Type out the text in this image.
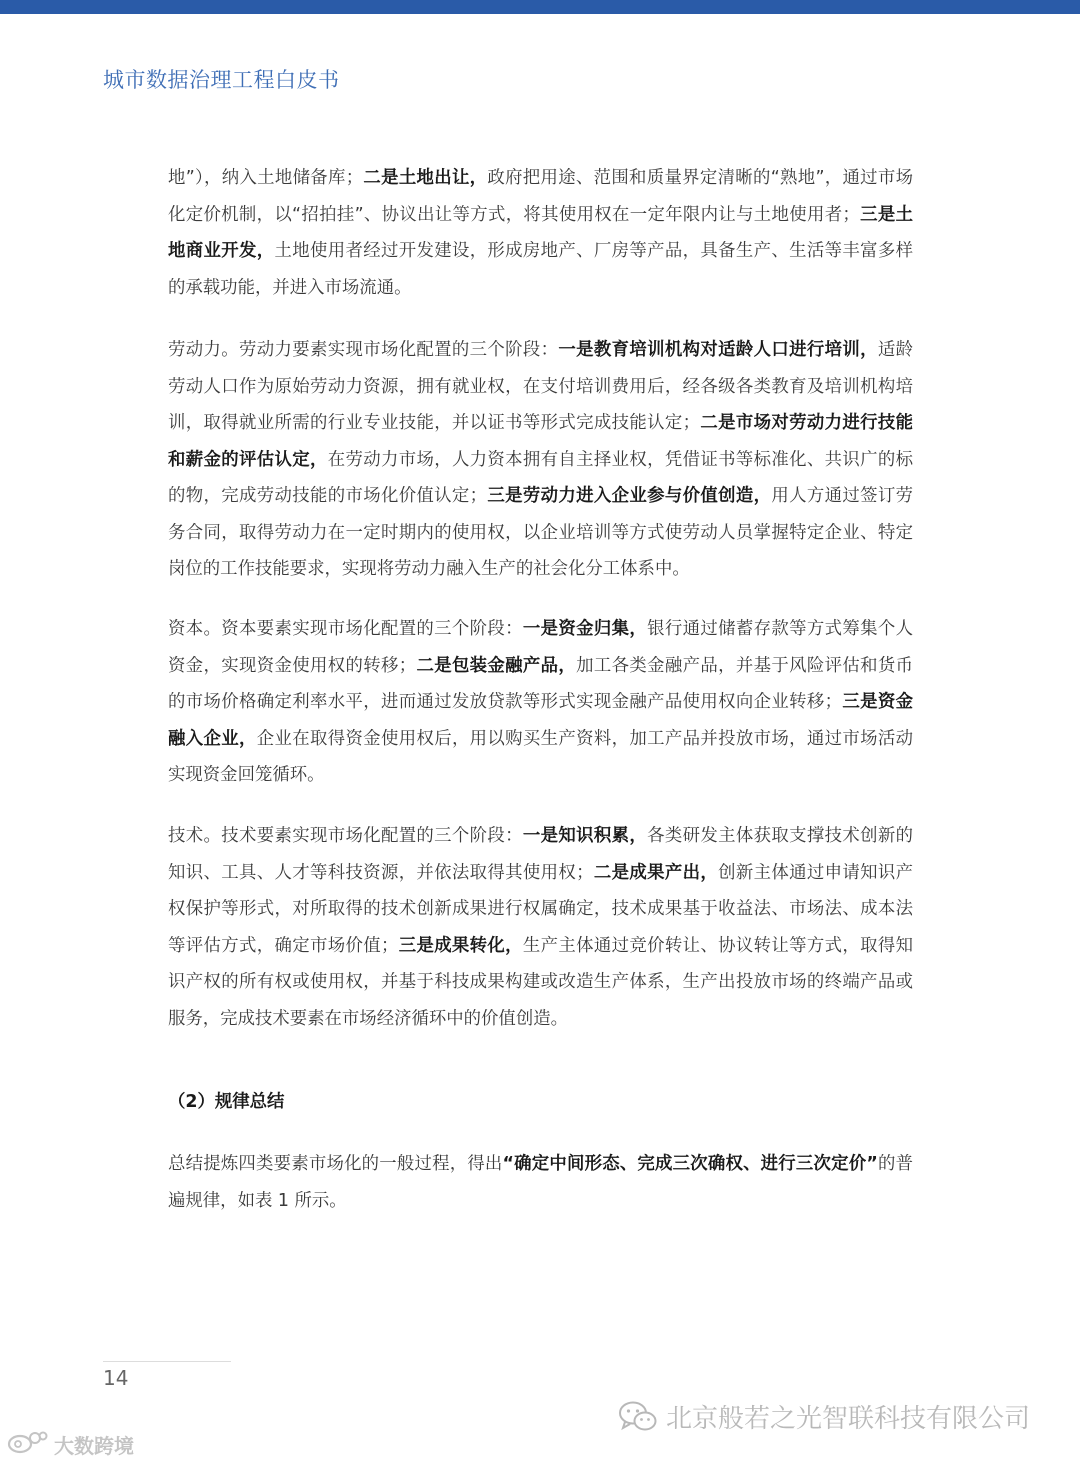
城市数据治理工程白皮书
地”），纳入土地储备库；二是土地出让，政府把用途、范围和质量界定清晰的“熟地”，通过市场化定价机制，以“招拍挂”、协议出让等方式，将其使用权在一定年限内让与土地使用者；三是土地商业开发，土地使用者经过开发建设，形成房地产、厂房等产品，具备生产、生活等丰富多样的承载功能，并进入市场流通。
劳动力。劳动力要素实现市场化配置的三个阶段：一是教育培训机构对适龄人口进行培训，适龄劳动人口作为原始劳动力资源，拥有就业权，在支付培训费用后，经各级各类教育及培训机构培训，取得就业所需的行业专业技能，并以证书等形式完成技能认定；二是市场对劳动力进行技能和薪金的评估认定，在劳动力市场，人力资本拥有自主择业权，凭借证书等标准化、共识广的标的物，完成劳动技能的市场化价值认定；三是劳动力进入企业参与价值创造，用人方通过签订劳务合同，取得劳动力在一定时期内的使用权，以企业培训等方式使劳动人员掌握特定企业、特定岗位的工作技能要求，实现将劳动力融入生产的社会化分工体系中。
资本。资本要素实现市场化配置的三个阶段：一是资金归集，银行通过储蓄存款等方式筹集个人资金，实现资金使用权的转移；二是包装金融产品，加工各类金融产品，并基于风险评估和货币的市场价格确定利率水平，进而通过发放贷款等形式实现金融产品使用权向企业转移；三是资金融入企业，企业在取得资金使用权后，用以购买生产资料，加工产品并投放市场，通过市场活动实现资金回笼循环。
技术。技术要素实现市场化配置的三个阶段：一是知识积累，各类研发主体获取支撑技术创新的知识、工具、人才等科技资源，并依法取得其使用权；二是成果产出，创新主体通过申请知识产权保护等形式，对所取得的技术创新成果进行权属确定，技术成果基于收益法、市场法、成本法等评估方式，确定市场价值；三是成果转化，生产主体通过竞价转让、协议转让等方式，取得知识产权的所有权或使用权，并基于科技成果构建或改造生产体系，生产出投放市场的终端产品或服务，完成技术要素在市场经济循环中的价值创造。
（2）规律总结
总结提炼四类要素市场化的一般过程，得出“确定中间形态、完成三次确权、进行三次定价”的普遍规律，如表 1 所示。
14
北京般若之光智联科技有限公司
大数跨境
